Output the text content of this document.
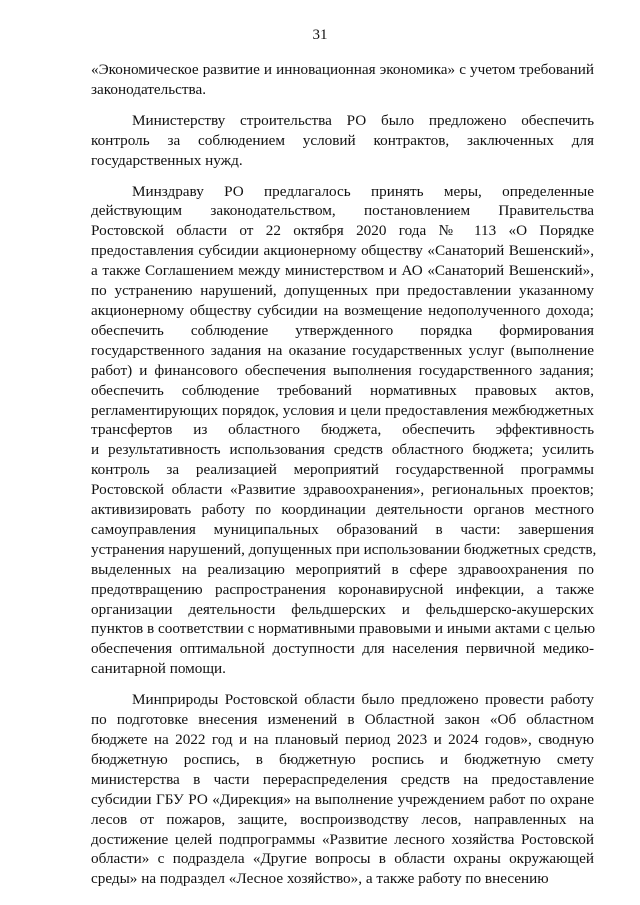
31

«Экономическое развитие и инновационная экономика» с учетом требований
законодательства.

Министерству строительства РО было предложено обеспечить
контроль за соблюдением условий контрактов, заключенных для
государственных нужд.

Минздраву РО предлагалось принять меры, определенные
действующим законодательством, постановлением Правительства
Ростовской области от 22 октября 2020 года № 113 «О Порядке
предоставления субсидии акционерному обществу «Санаторий Вешенский»,
а также Соглашением между министерством и АО «Санаторий Вешенский»,
по устранению нарушений, допущенных при предоставлении указанному
акционерному обществу субсидии на возмещение недополученного дохода;
обеспечить соблюдение утвержденного порядка формирования
государственного задания на оказание государственных услуг (выполнение
работ) и финансового обеспечения выполнения государственного задания;
обеспечить соблюдение требований нормативных правовых актов,
регламентирующих порядок, условия и цели предоставления межбюджетных
трансфертов из областного бюджета, обеспечить эффективность
и результативность использования средств областного бюджета; усилить
контроль за реализацией мероприятий государственной программы
Ростовской области «Развитие здравоохранения», региональных проектов;
активизировать работу по координации деятельности органов местного
самоуправления муниципальных образований в части: завершения
устранения нарушений, допущенных при использовании бюджетных средств,
выделенных на реализацию мероприятий в сфере здравоохранения по
предотвращению распространения коронавирусной инфекции, а также
организации деятельности фельдшерских и фельдшерско-акушерских
пунктов в соответствии с нормативными правовыми и иными актами с целью
обеспечения оптимальной доступности для населения первичной медико-
санитарной помощи.

Минприроды Ростовской области было предложено провести работу
по подготовке внесения изменений в Областной закон «Об областном
бюджете на 2022 год и на плановый период 2023 и 2024 годов», сводную
бюджетную роспись, в бюджетную роспись и бюджетную смету
министерства в части перераспределения средств на предоставление
субсидии ГБУ РО «Дирекция» на выполнение учреждением работ по охране
лесов от пожаров, защите, воспроизводству лесов, направленных на
достижение целей подпрограммы «Развитие лесного хозяйства Ростовской
области» с подраздела «Другие вопросы в области охраны окружающей
среды» на подраздел «Лесное хозяйство», а также работу по внесению
